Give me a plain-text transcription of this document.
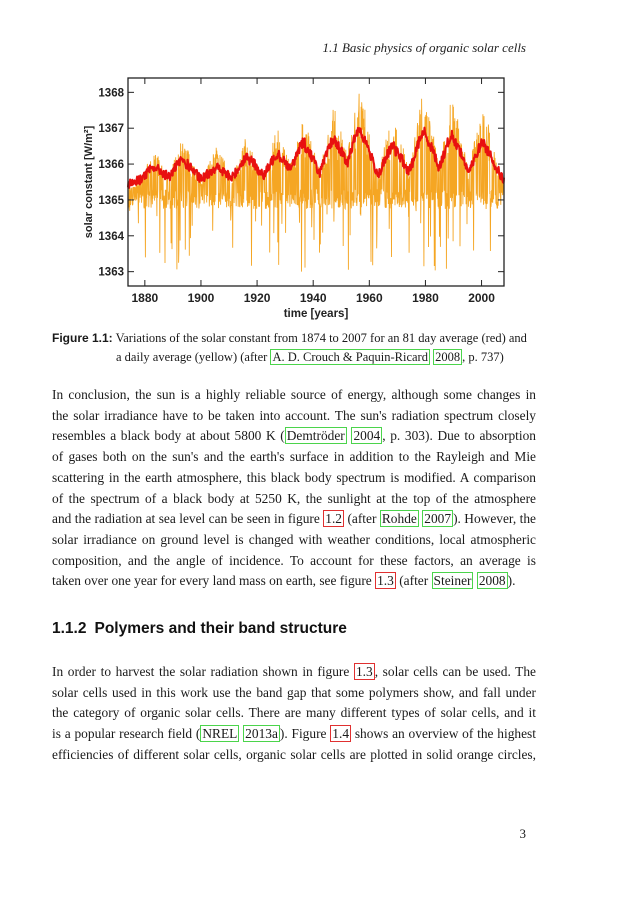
1.1 Basic physics of organic solar cells
1880 1900 1920 1940 1960 1980 2000
1363
1364
1365
1366
1367
1368
time [years]
solar constant [W/m²]
Figure 1.1: Variations of the solar constant from 1874 to 2007 for an 81 day average (red) and
a daily average (yellow) (after A. D. Crouch & Paquin-Ricard 2008 , p. 737)
In conclusion, the sun is a highly reliable source of energy, although some changes in
the solar irradiance have to be taken into account. The sun's radiation spectrum closely
resembles a black body at about 5800 K ( Demtröder 2004 , p. 303). Due to absorption
of gases both on the sun's and the earth's surface in addition to the Rayleigh and Mie
scattering in the earth atmosphere, this black body spectrum is modified. A comparison
of the spectrum of a black body at 5250 K, the sunlight at the top of the atmosphere
and the radiation at sea level can be seen in figure 1.2 (after Rohde 2007 ). However, the
solar irradiance on ground level is changed with weather conditions, local atmospheric
composition, and the angle of incidence. To account for these factors, an average is
taken over one year for every land mass on earth, see figure 1.3 (after Steiner 2008 ).
1.1.2 Polymers and their band structure
In order to harvest the solar radiation shown in figure 1.3 , solar cells can be used. The
solar cells used in this work use the band gap that some polymers show, and fall under
the category of organic solar cells. There are many different types of solar cells, and it
is a popular research field ( NREL 2013a ). Figure 1.4 shows an overview of the highest
efficiencies of different solar cells, organic solar cells are plotted in solid orange circles,
3
